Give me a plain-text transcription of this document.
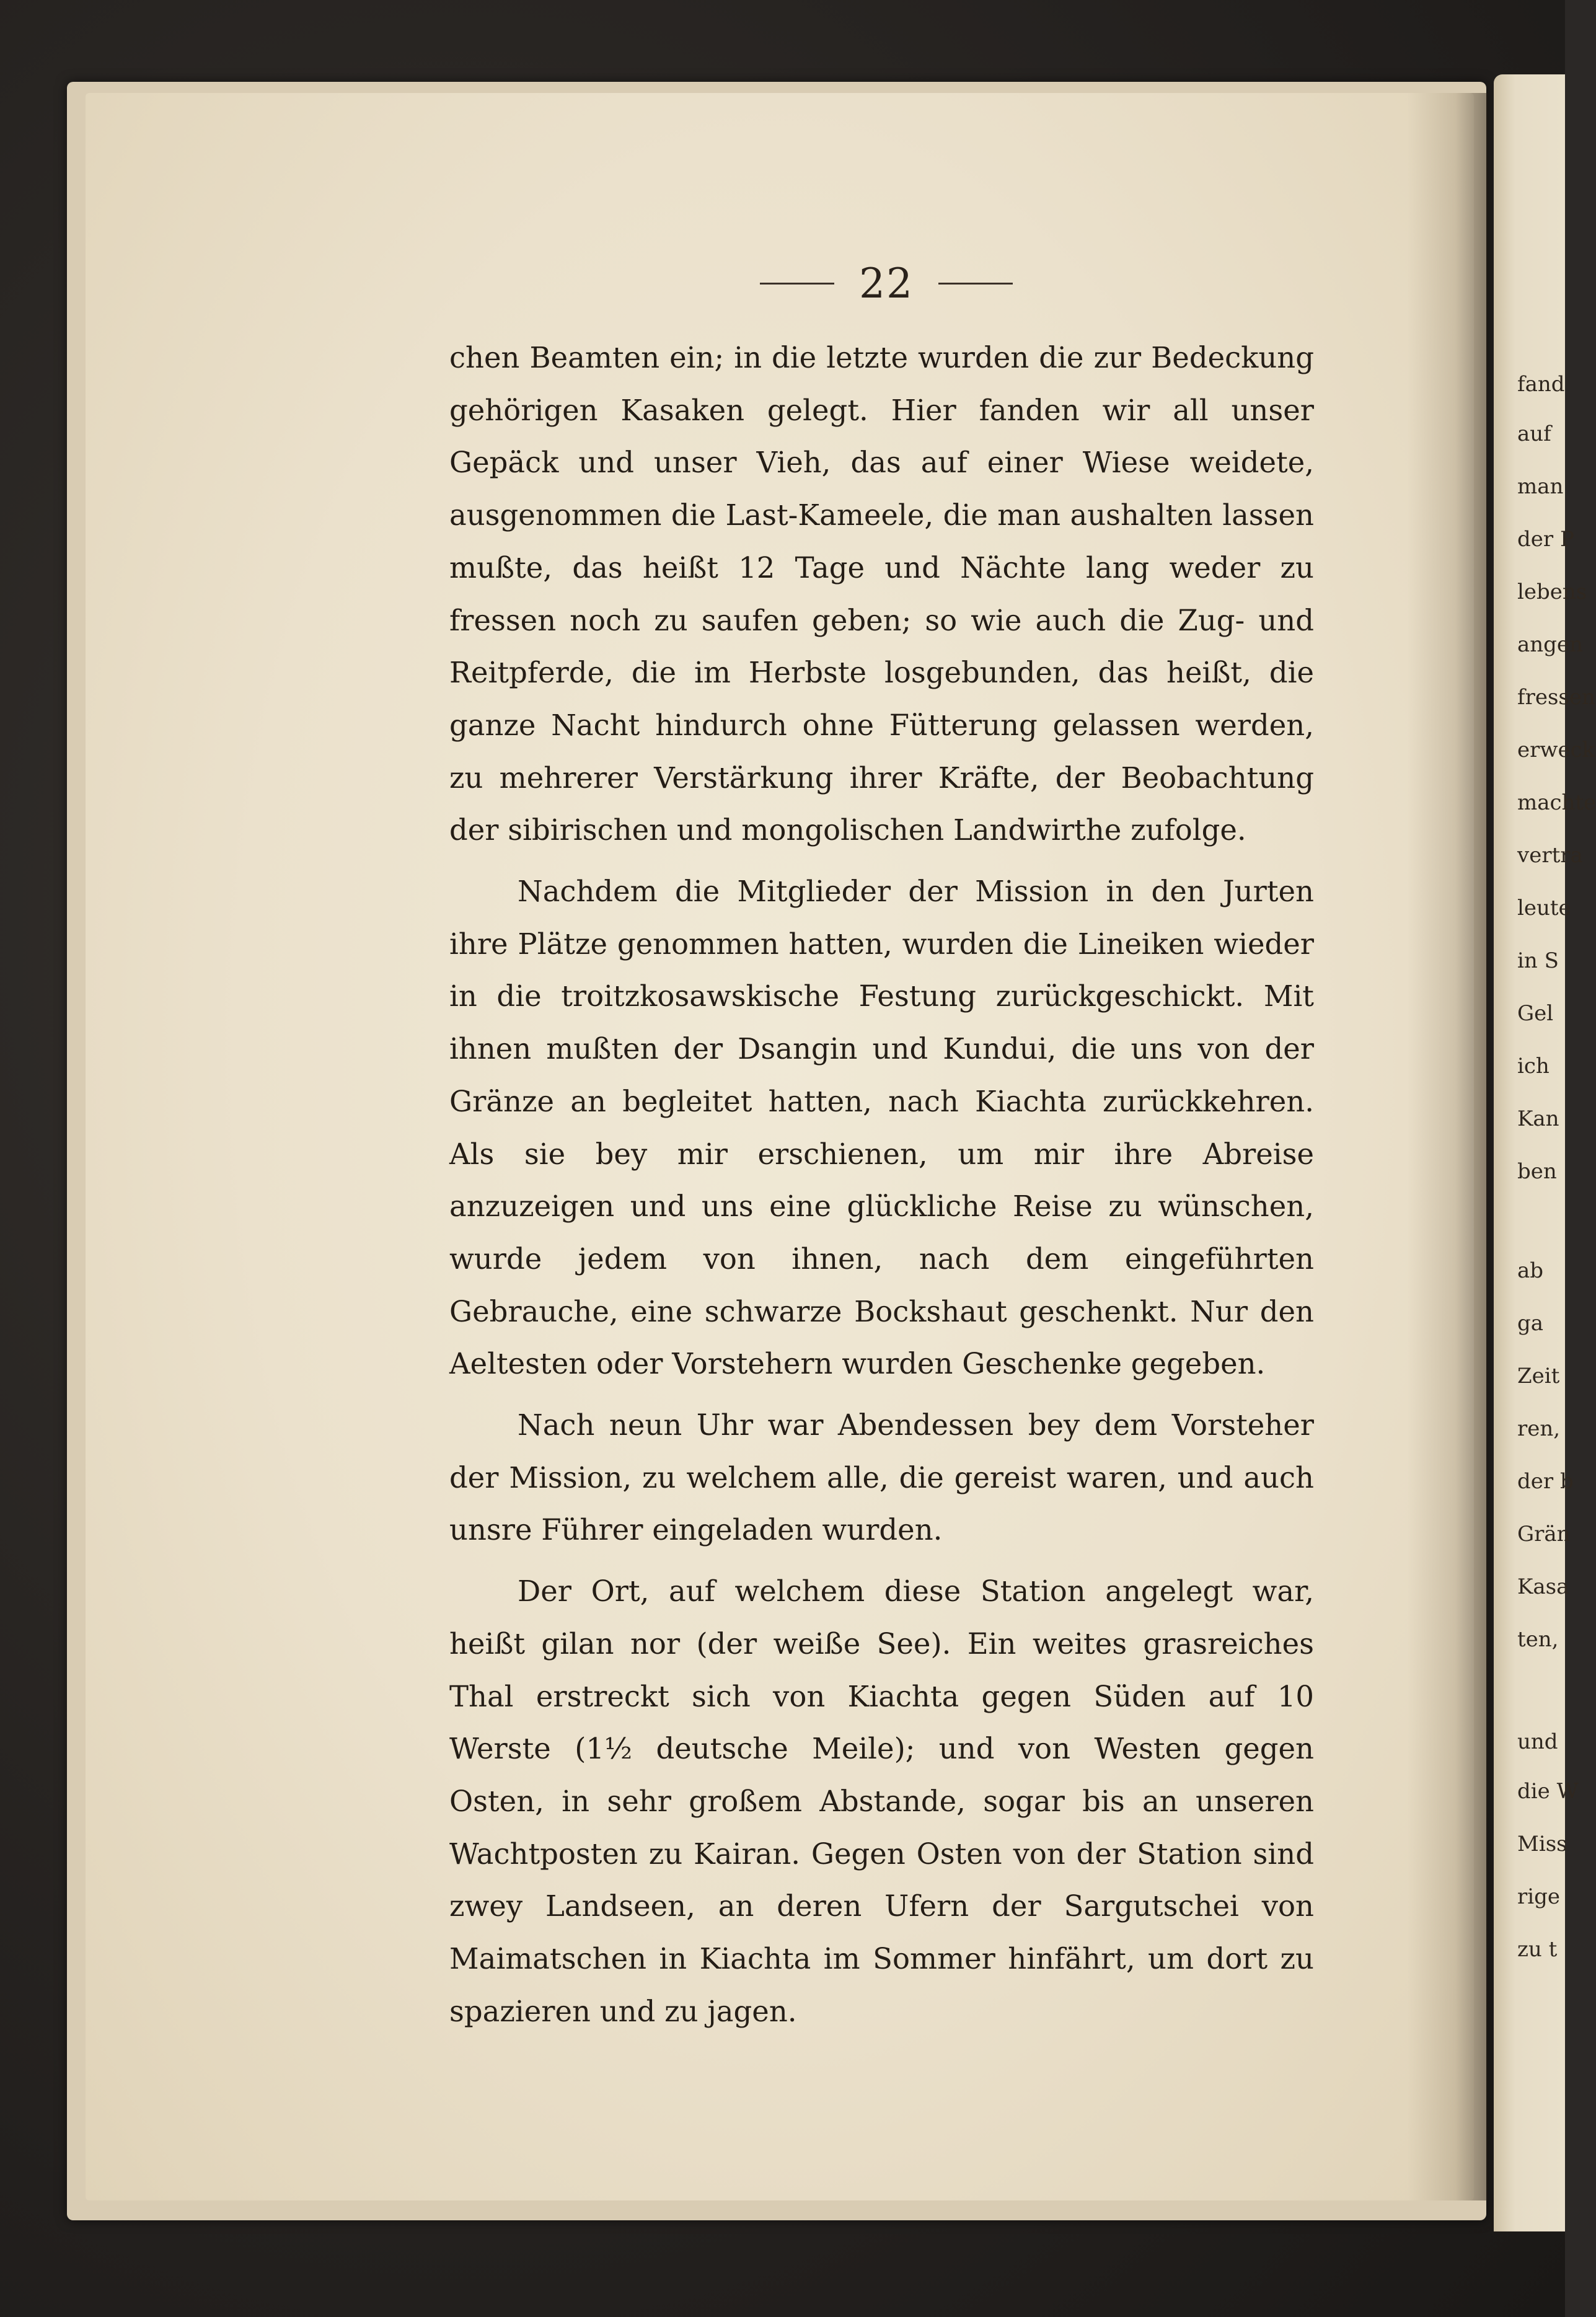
22

chen Beamten ein; in die letzte wurden die zur Bedeckung gehörigen Kasaken gelegt. Hier fanden wir all unser Gepäck und unser Vieh, das auf einer Wiese weidete, ausgenommen die Last-Kameele, die man aushalten lassen mußte, das heißt 12 Tage und Nächte lang weder zu fressen noch zu saufen geben; so wie auch die Zug- und Reitpferde, die im Herbste losgebunden, das heißt, die ganze Nacht hindurch ohne Fütterung gelassen werden, zu mehrerer Verstärkung ihrer Kräfte, der Beobachtung der sibirischen und mongolischen Landwirthe zufolge.

Nachdem die Mitglieder der Mission in den Jurten ihre Plätze genommen hatten, wurden die Lineiken wieder in die troitzkosawskische Festung zurückgeschickt. Mit ihnen mußten der Dsangin und Kundui, die uns von der Gränze an begleitet hatten, nach Kiachta zurückkehren. Als sie bey mir erschienen, um mir ihre Abreise anzuzeigen und uns eine glückliche Reise zu wünschen, wurde jedem von ihnen, nach dem eingeführten Gebrauche, eine schwarze Bockshaut geschenkt. Nur den Aeltesten oder Vorstehern wurden Geschenke gegeben.

Nach neun Uhr war Abendessen bey dem Vorsteher der Mission, zu welchem alle, die gereist waren, und auch unsre Führer eingeladen wurden.

Der Ort, auf welchem diese Station angelegt war, heißt gilan nor (der weiße See). Ein weites grasreiches Thal erstreckt sich von Kiachta gegen Süden auf 10 Werste (1½ deutsche Meile); und von Westen gegen Osten, in sehr großem Abstande, sogar bis an unseren Wachtposten zu Kairan. Gegen Osten von der Station sind zwey Landseen, an deren Ufern der Sargutschei von Maimatschen in Kiachta im Sommer hinfährt, um dort zu spazieren und zu jagen.

fand
auf
man
der P
lebens
angen
fressen
erweck
machte
vertra
leute
in S
Gel
ich
Kan
ben
ab
ga
Zeit
ren,
der b
Grän
Kasa
ten,
und
die W
Miss
rige
zu t
